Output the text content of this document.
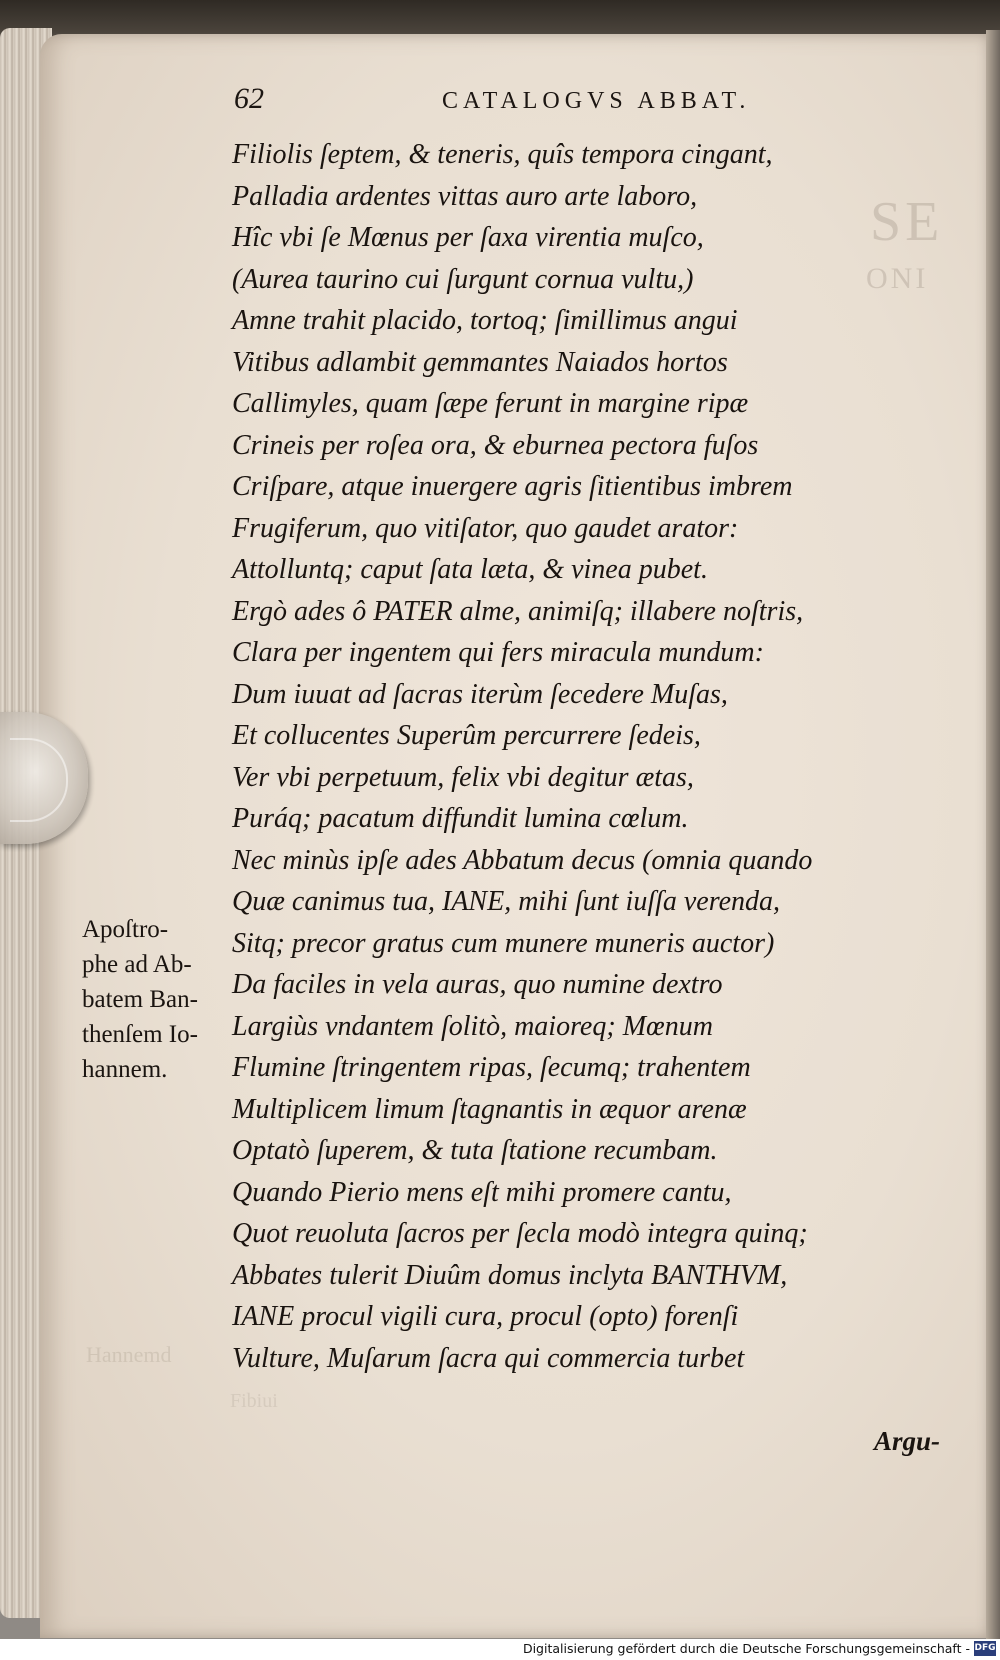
SE
ONI
Hannemd
Fibiui
62	CATALOGVS ABBAT.
Filiolis ſeptem, & teneris, quîs tempora cingant,
Palladia ardentes vittas auro arte laboro,
Hîc vbi ſe Mœnus per ſaxa virentia muſco,
(Aurea taurino cui ſurgunt cornua vultu,)
Amne trahit placido, tortoq; ſimillimus angui
Vitibus adlambit gemmantes Naiados hortos
Callimyles, quam ſæpe ferunt in margine ripæ
Crineis per roſea ora, & eburnea pectora fuſos
Criſpare, atque inuergere agris ſitientibus imbrem
Frugiferum, quo vitiſator, quo gaudet arator:
Attolluntq; caput ſata læta, & vinea pubet.
Ergò ades ô PATER alme, animiſq; illabere noſtris,
Clara per ingentem qui fers miracula mundum:
Dum iuuat ad ſacras iterùm ſecedere Muſas,
Et collucentes Superûm percurrere ſedeis,
Ver vbi perpetuum, felix vbi degitur ætas,
Puráq; pacatum diffundit lumina cœlum.
Nec minùs ipſe ades Abbatum decus (omnia quando
Quæ canimus tua, IANE, mihi ſunt iuſſa verenda,
Sitq; precor gratus cum munere muneris auctor)
Da faciles in vela auras, quo numine dextro
Largiùs vndantem ſolitò, maioreq; Mœnum
Flumine ſtringentem ripas, ſecumq; trahentem
Multiplicem limum ſtagnantis in æquor arenæ
Optatò ſuperem, & tuta ſtatione recumbam.
Quando Pierio mens eſt mihi promere cantu,
Quot reuoluta ſacros per ſecla modò integra quinq;
Abbates tulerit Diuûm domus inclyta BANTHVM,
IANE procul vigili cura, procul (opto) forenſi
Vulture, Muſarum ſacra qui commercia turbet
Apoſtro-
phe ad Ab-
batem Ban-
thenſem Io-
hannem.
Argu-
Digitalisierung gefördert durch die Deutsche Forschungsgemeinschaft - DFG
